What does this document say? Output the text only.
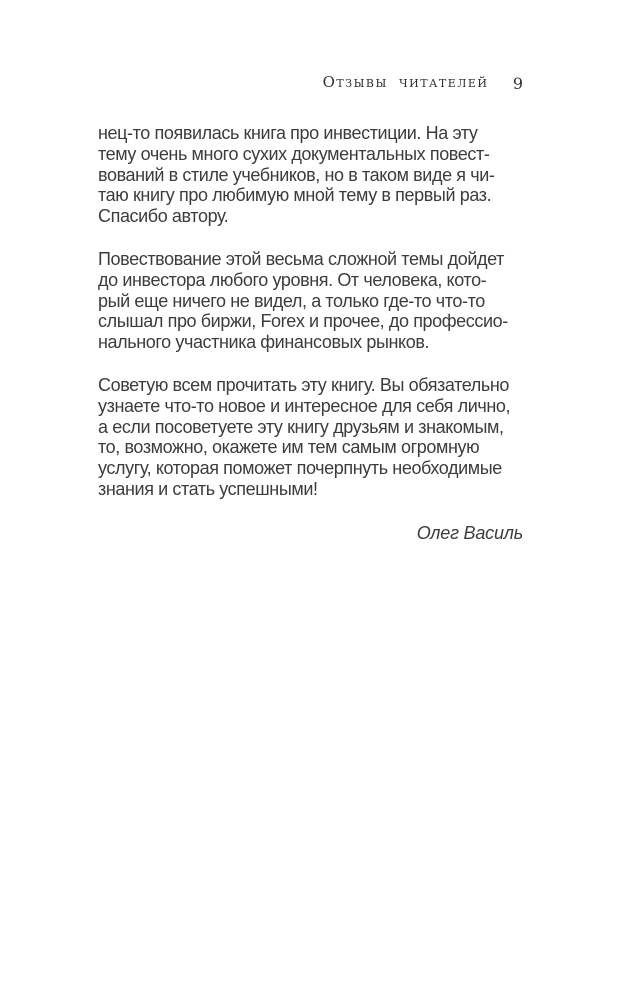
Отзывы читателей 9
нец-то появилась книга про инвестиции. На эту
тему очень много сухих документальных повест-
вований в стиле учебников, но в таком виде я чи-
таю книгу про любимую мной тему в первый раз.
Спасибо автору.
Повествование этой весьма сложной темы дойдет
до инвестора любого уровня. От человека, кото-
рый еще ничего не видел, а только где-то что-то
слышал про биржи, Forex и прочее, до профессио-
нального участника финансовых рынков.
Советую всем прочитать эту книгу. Вы обязательно
узнаете что-то новое и интересное для себя лично,
а если посоветуете эту книгу друзьям и знакомым,
то, возможно, окажете им тем самым огромную
услугу, которая поможет почерпнуть необходимые
знания и стать успешными!
Олег Василь
